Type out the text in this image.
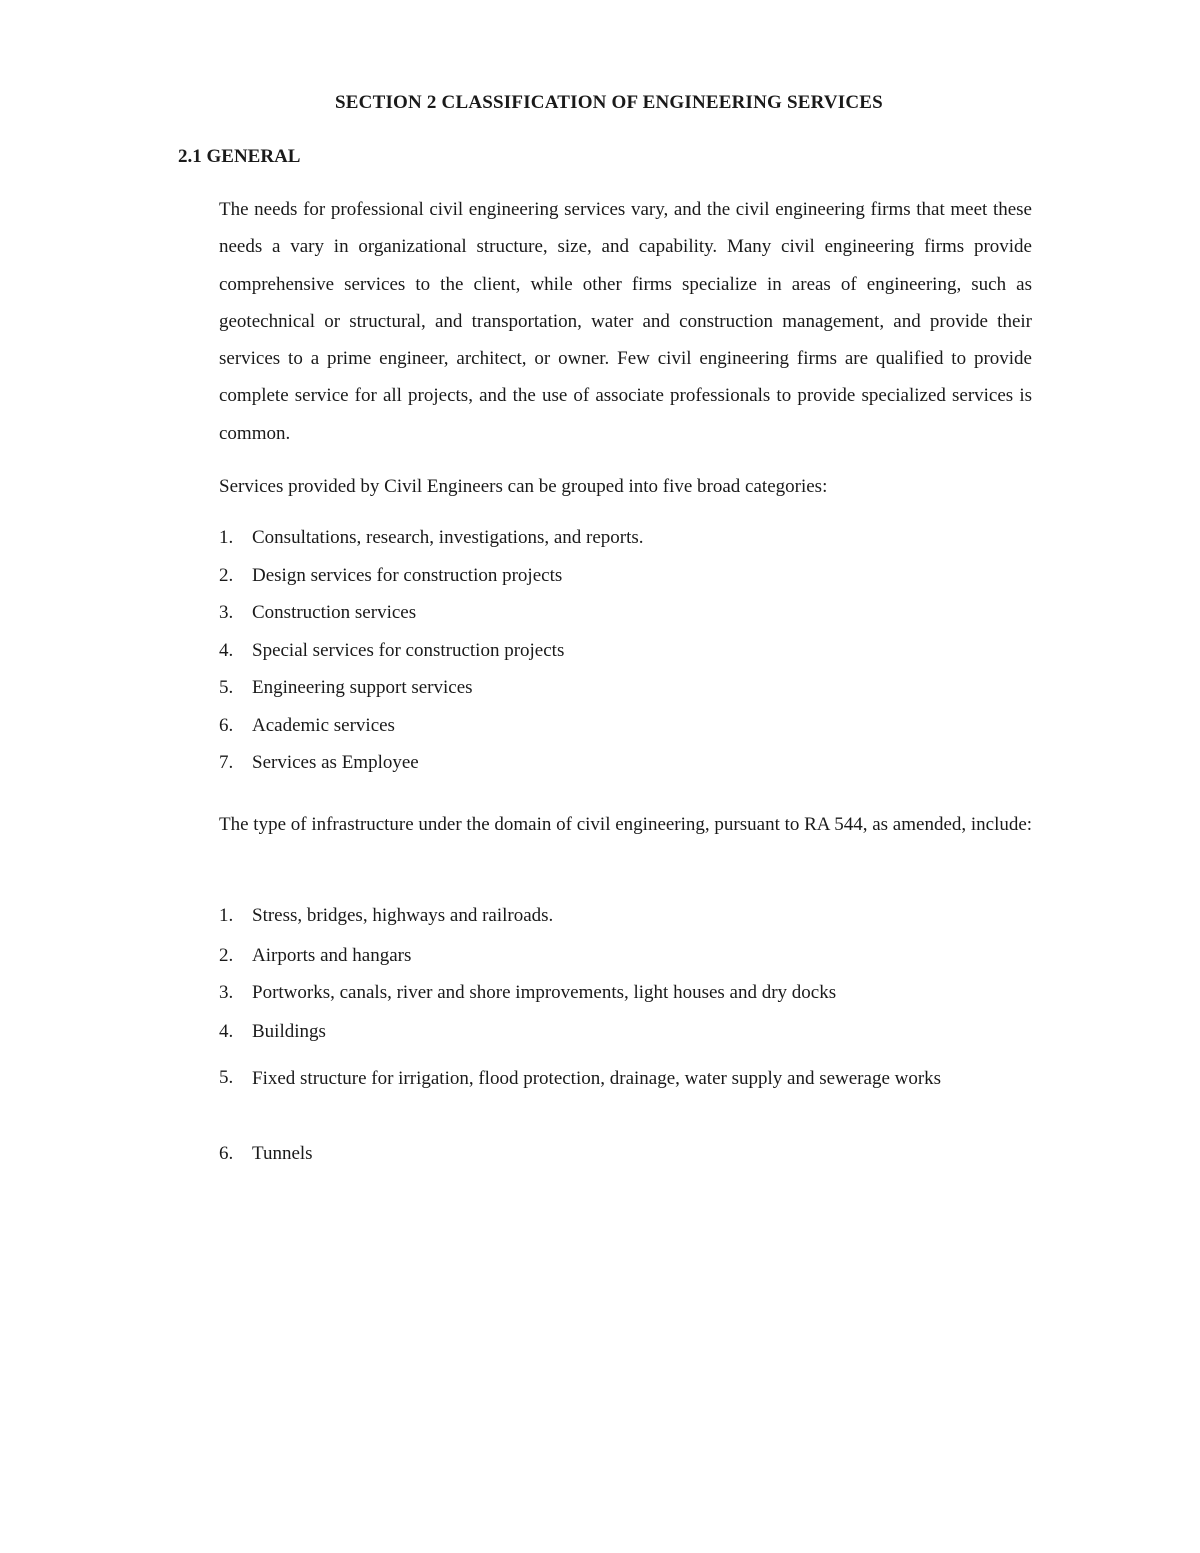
SECTION 2 CLASSIFICATION OF ENGINEERING SERVICES
2.1 GENERAL

The needs for professional civil engineering services vary, and the civil engineering firms that meet these needs a vary in organizational structure, size, and capability. Many civil engineering firms provide comprehensive services to the client, while other firms specialize in areas of engineering, such as geotechnical or structural, and transportation, water and construction management, and provide their services to a prime engineer, architect, or owner. Few civil engineering firms are qualified to provide complete service for all projects, and the use of associate professionals to provide specialized services is common.

Services provided by Civil Engineers can be grouped into five broad categories:

1. Consultations, research, investigations, and reports.
2. Design services for construction projects
3. Construction services
4. Special services for construction projects
5. Engineering support services
6. Academic services
7. Services as Employee

The type of infrastructure under the domain of civil engineering, pursuant to RA 544, as amended, include:

1. Stress, bridges, highways and railroads.
2. Airports and hangars
3. Portworks, canals, river and shore improvements, light houses and dry docks
4. Buildings
5. Fixed structure for irrigation, flood protection, drainage, water supply and sewerage works
6. Tunnels
